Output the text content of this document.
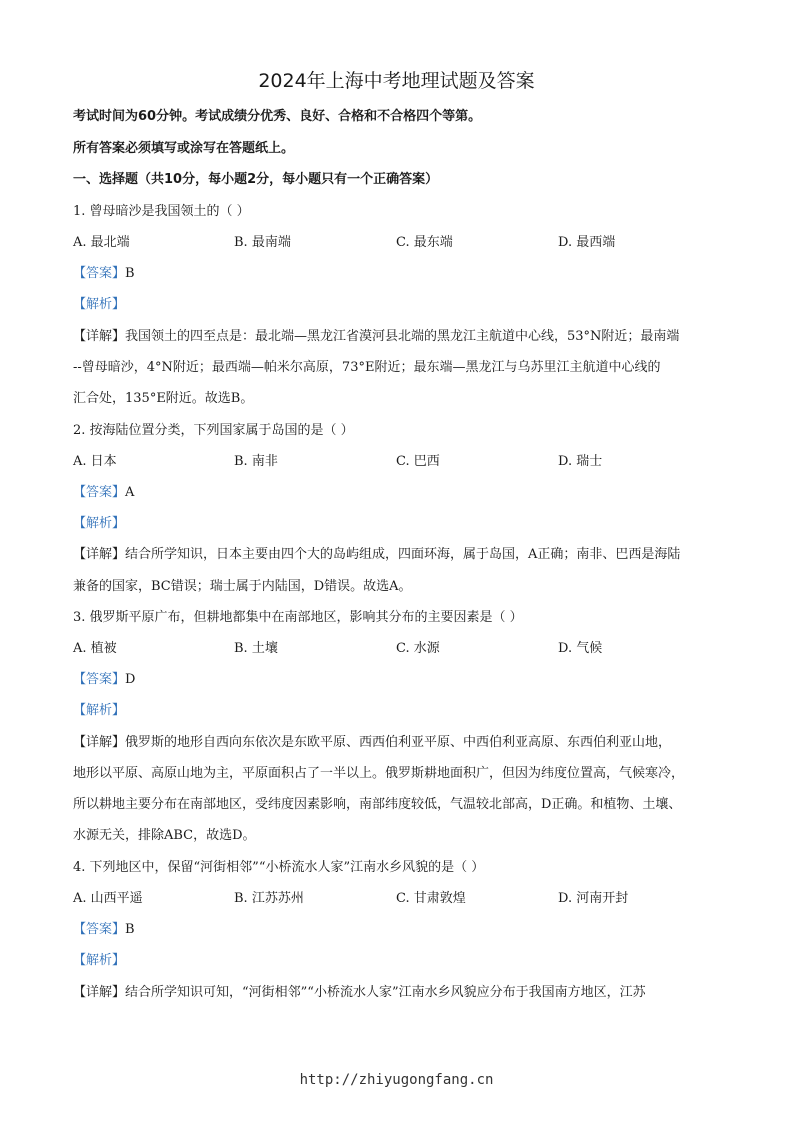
2024年上海中考地理试题及答案
考试时间为60分钟。考试成绩分优秀、良好、合格和不合格四个等第。
所有答案必须填写或涂写在答题纸上。
一、选择题（共10分，每小题2分，每小题只有一个正确答案）
1. 曾母暗沙是我国领土的（ ）
A. 最北端	B. 最南端	C. 最东端	D. 最西端
【答案】B
【解析】
【详解】我国领土的四至点是：最北端—黑龙江省漠河县北端的黑龙江主航道中心线，53°N附近；最南端
--曾母暗沙，4°N附近；最西端—帕米尔高原，73°E附近；最东端—黑龙江与乌苏里江主航道中心线的
汇合处，135°E附近。故选B。
2. 按海陆位置分类，下列国家属于岛国的是（ ）
A. 日本	B. 南非	C. 巴西	D. 瑞士
【答案】A
【解析】
【详解】结合所学知识，日本主要由四个大的岛屿组成，四面环海，属于岛国，A正确；南非、巴西是海陆
兼备的国家，BC错误；瑞士属于内陆国，D错误。故选A。
3. 俄罗斯平原广布，但耕地都集中在南部地区，影响其分布的主要因素是（ ）
A. 植被	B. 土壤	C. 水源	D. 气候
【答案】D
【解析】
【详解】俄罗斯的地形自西向东依次是东欧平原、西西伯利亚平原、中西伯利亚高原、东西伯利亚山地，
地形以平原、高原山地为主，平原面积占了一半以上。俄罗斯耕地面积广，但因为纬度位置高，气候寒冷，
所以耕地主要分布在南部地区，受纬度因素影响，南部纬度较低，气温较北部高，D正确。和植物、土壤、
水源无关，排除ABC，故选D。
4. 下列地区中，保留“河街相邻”“小桥流水人家”江南水乡风貌的是（ ）
A. 山西平遥	B. 江苏苏州	C. 甘肃敦煌	D. 河南开封
【答案】B
【解析】
【详解】结合所学知识可知，“河街相邻”“小桥流水人家”江南水乡风貌应分布于我国南方地区，江苏
http://zhiyugongfang.cn
